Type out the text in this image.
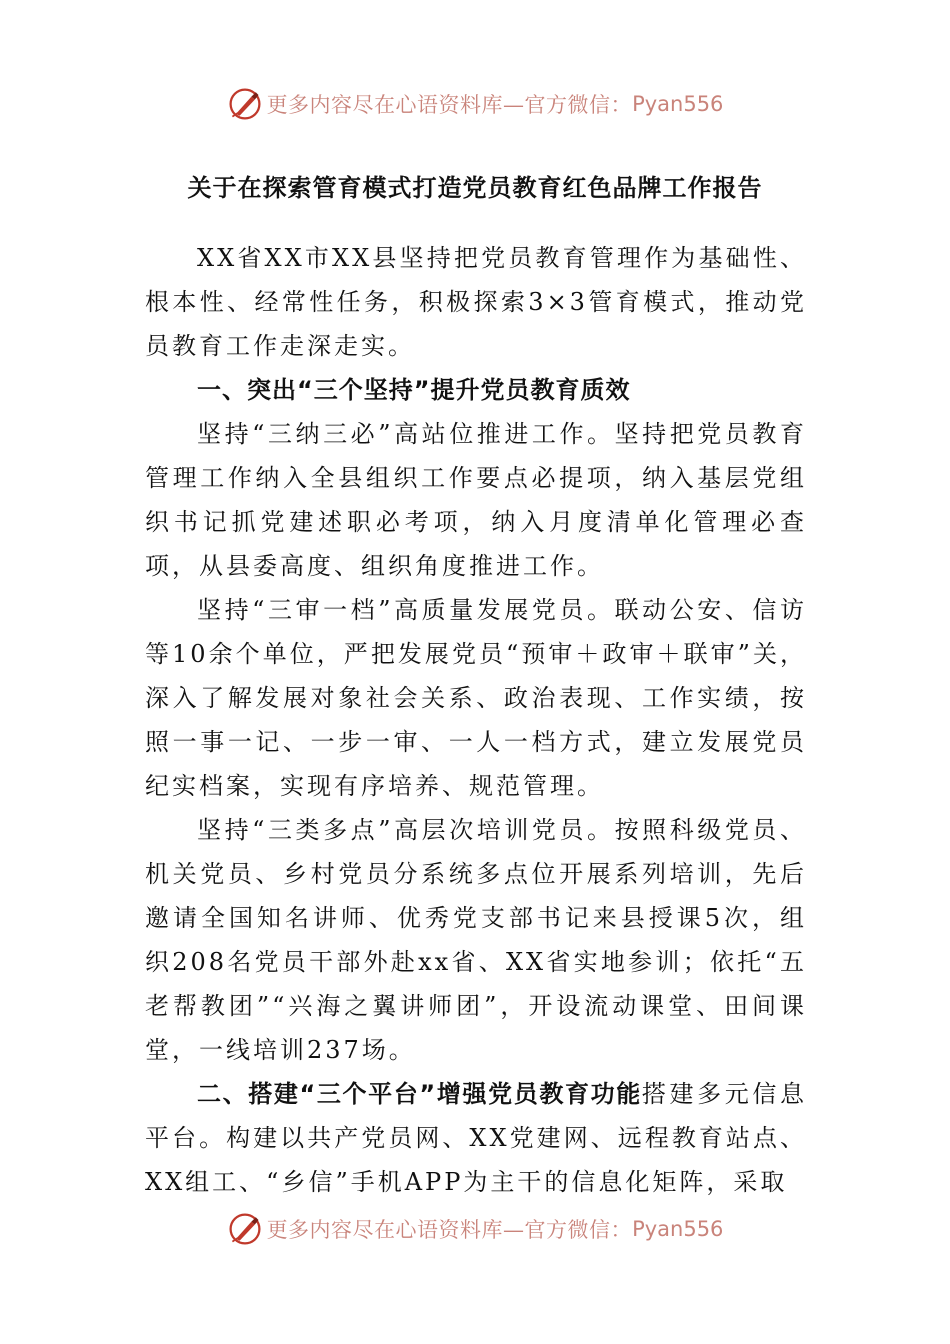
更多内容尽在心语资料库—官方微信： Pyan556
关于在探索管育模式打造党员教育红色品牌工作报告

XX省XX市XX县坚持把党员教育管理作为基础性、根本性、经常性任务，积极探索3×3管育模式，推动党员教育工作走深走实。

一、突出“三个坚持”提升党员教育质效

坚持“三纳三必”高站位推进工作。坚持把党员教育管理工作纳入全县组织工作要点必提项，纳入基层党组织书记抓党建述职必考项，纳入月度清单化管理必查项，从县委高度、组织角度推进工作。

坚持“三审一档”高质量发展党员。联动公安、信访等10余个单位，严把发展党员“预审＋政审＋联审”关，深入了解发展对象社会关系、政治表现、工作实绩，按照一事一记、一步一审、一人一档方式，建立发展党员纪实档案，实现有序培养、规范管理。

坚持“三类多点”高层次培训党员。按照科级党员、机关党员、乡村党员分系统多点位开展系列培训，先后邀请全国知名讲师、优秀党支部书记来县授课5次，组织208名党员干部外赴xx省、XX省实地参训；依托“五老帮教团”“兴海之翼讲师团”，开设流动课堂、田间课堂，一线培训237场。

二、搭建“三个平台”增强党员教育功能搭建多元信息平台。构建以共产党员网、XX党建网、远程教育站点、XX组工、“乡信”手机APP为主干的信息化矩阵，采取

更多内容尽在心语资料库—官方微信： Pyan556
